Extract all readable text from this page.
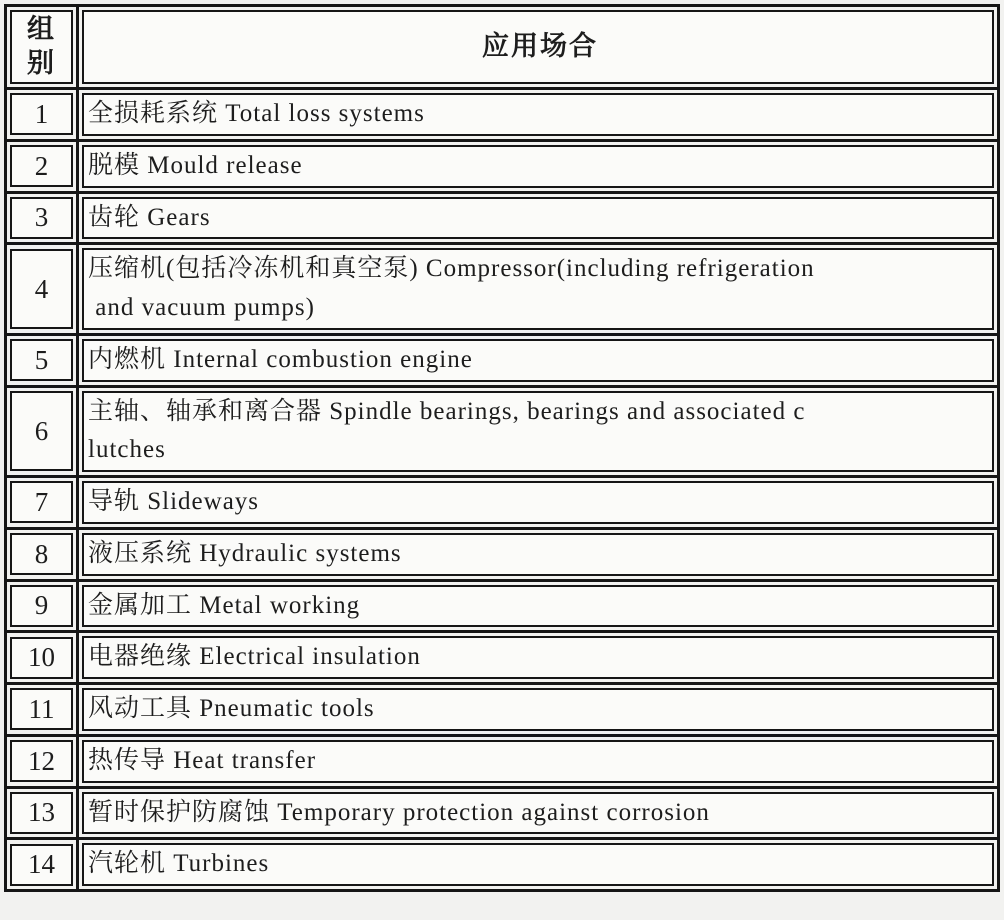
组
别	应用场合

1	全损耗系统 Total loss systems

2	脱模 Mould release

3	齿轮 Gears

4	压缩机(包括冷冻机和真空泵) Compressor(including refrigeration
and vacuum pumps)

5	内燃机 Internal combustion engine

6	主轴、轴承和离合器 Spindle bearings, bearings and associated c
lutches

7	导轨 Slideways

8	液压系统 Hydraulic systems

9	金属加工 Metal working

10	电器绝缘 Electrical insulation

11	风动工具 Pneumatic tools

12	热传导 Heat transfer

13	暂时保护防腐蚀 Temporary protection against corrosion

14	汽轮机 Turbines
